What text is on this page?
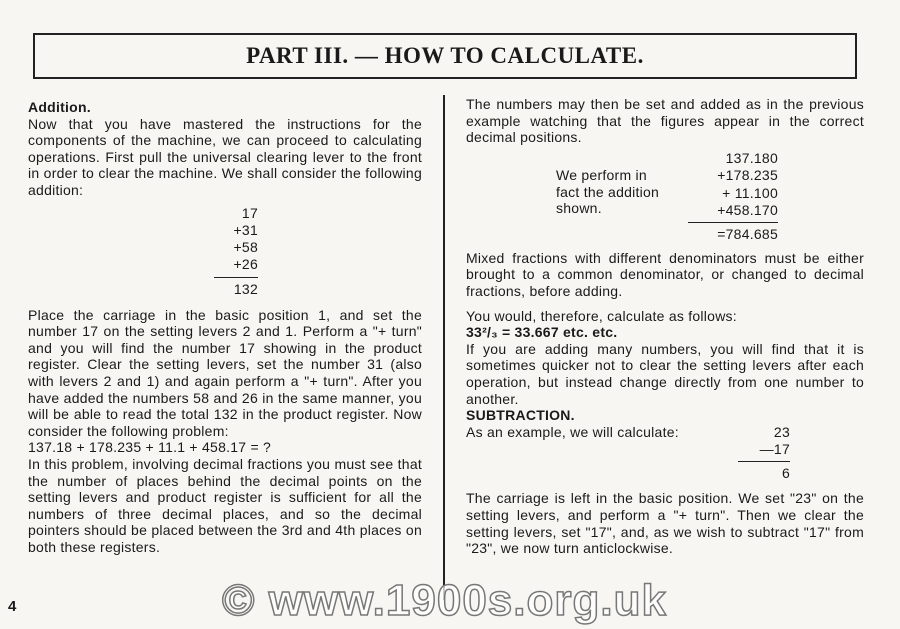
PART III. — HOW TO CALCULATE.

Addition.

Now that you have mastered the instructions for the components of the machine, we can proceed to calculating operations. First pull the universal clearing lever to the front in order to clear the machine. We shall consider the following addition:

17
+31
+58
+26
132

Place the carriage in the basic position 1, and set the number 17 on the setting levers 2 and 1. Perform a "+ turn" and you will find the number 17 showing in the product register. Clear the setting levers, set the number 31 (also with levers 2 and 1) and again perform a "+ turn". After you have added the numbers 58 and 26 in the same manner, you will be able to read the total 132 in the product register. Now consider the following problem:

137.18 + 178.235 + 11.1 + 458.17 = ?

In this problem, involving decimal fractions you must see that the number of places behind the decimal points on the setting levers and product register is sufficient for all the numbers of three decimal places, and so the decimal pointers should be placed between the 3rd and 4th places on both these registers.

The numbers may then be set and added as in the previous example watching that the figures appear in the correct decimal positions.

We perform in
fact the addition
shown.
137.180
+178.235
+ 11.100
+458.170
=784.685

Mixed fractions with different denominators must be either brought to a common denominator, or changed to decimal fractions, before adding.

You would, therefore, calculate as follows:

33²/₃ = 33.667 etc. etc.

If you are adding many numbers, you will find that it is sometimes quicker not to clear the setting levers after each operation, but instead change directly from one number to another.

SUBTRACTION.

As an example, we will calculate:	23
—17
6

The carriage is left in the basic position. We set "23" on the setting levers, and perform a "+ turn". Then we clear the setting levers, set "17", and, as we wish to subtract "17" from "23", we now turn anticlockwise.

4	© www.1900s.org.uk
